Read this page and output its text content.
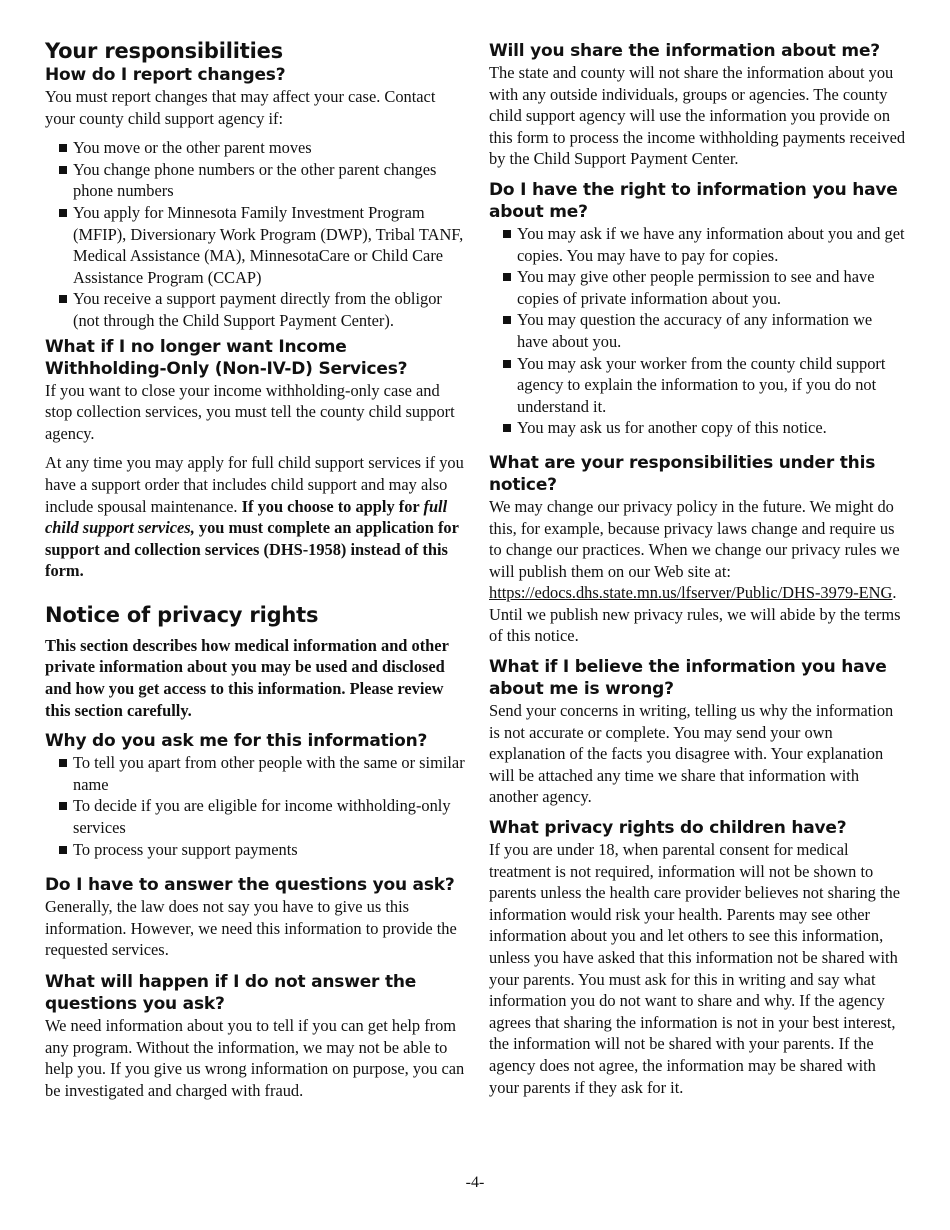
Your responsibilities
How do I report changes?

You must report changes that may affect your case. Contact your county child support agency if:

You move or the other parent moves
You change phone numbers or the other parent changes phone numbers
You apply for Minnesota Family Investment Program (MFIP), Diversionary Work Program (DWP), Tribal TANF, Medical Assistance (MA), MinnesotaCare or Child Care Assistance Program (CCAP)
You receive a support payment directly from the obligor (not through the Child Support Payment Center).
What if I no longer want Income Withholding-Only (Non-IV-D) Services?

If you want to close your income withholding-only case and stop collection services, you must tell the county child support agency.

At any time you may apply for full child support services if you have a support order that includes child support and may also include spousal maintenance. If you choose to apply for full child support services, you must complete an application for support and collection services (DHS-1958) instead of this form.

Notice of privacy rights

This section describes how medical information and other private information about you may be used and disclosed and how you get access to this information. Please review this section carefully.

Why do you ask me for this information?
To tell you apart from other people with the same or similar name
To decide if you are eligible for income withholding-only services
To process your support payments
Do I have to answer the questions you ask?

Generally, the law does not say you have to give us this information. However, we need this information to provide the requested services.

What will happen if I do not answer the questions you ask?

We need information about you to tell if you can get help from any program. Without the information, we may not be able to help you. If you give us wrong information on purpose, you can be investigated and charged with fraud.

Will you share the information about me?

The state and county will not share the information about you with any outside individuals, groups or agencies. The county child support agency will use the information you provide on this form to process the income withholding payments received by the Child Support Payment Center.

Do I have the right to information you have about me?
You may ask if we have any information about you and get copies. You may have to pay for copies.
You may give other people permission to see and have copies of private information about you.
You may question the accuracy of any information we have about you.
You may ask your worker from the county child support agency to explain the information to you, if you do not understand it.
You may ask us for another copy of this notice.
What are your responsibilities under this notice?

We may change our privacy policy in the future. We might do this, for example, because privacy laws change and require us to change our practices. When we change our privacy rules we will publish them on our Web site at: https://edocs.dhs.state.mn.us/lfserver/Public/DHS-3979-ENG. Until we publish new privacy rules, we will abide by the terms of this notice.

What if I believe the information you have about me is wrong?

Send your concerns in writing, telling us why the information is not accurate or complete. You may send your own explanation of the facts you disagree with. Your explanation will be attached any time we share that information with another agency.

What privacy rights do children have?

If you are under 18, when parental consent for medical treatment is not required, information will not be shown to parents unless the health care provider believes not sharing the information would risk your health. Parents may see other information about you and let others to see this information, unless you have asked that this information not be shared with your parents. You must ask for this in writing and say what information you do not want to share and why. If the agency agrees that sharing the information is not in your best interest, the information will not be shared with your parents. If the agency does not agree, the information may be shared with your parents if they ask for it.

-4-
